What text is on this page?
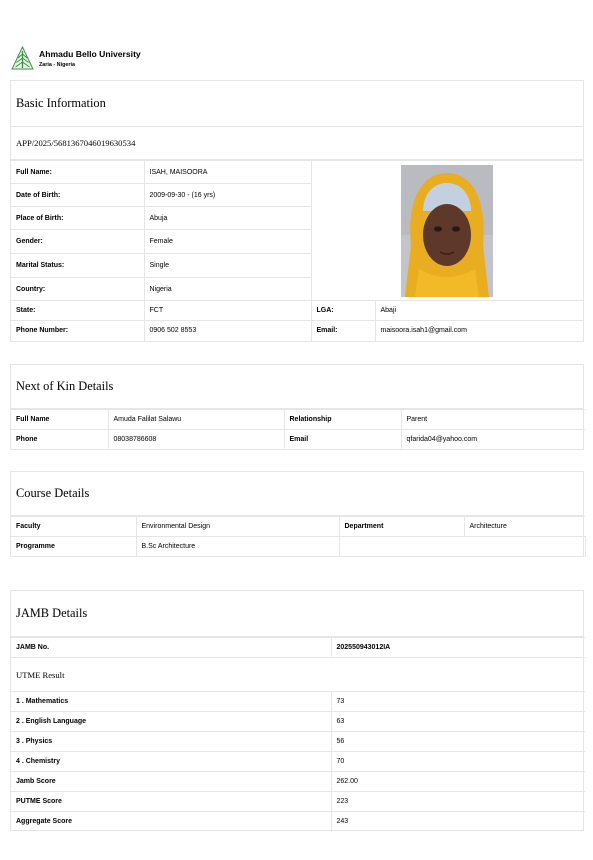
Ahmadu Bello University
Zaria - Nigeria
Basic Information
APP/2025/5681367046019630534
Full Name:	ISAH, MAISOORA	
Date of Birth:	2009-09-30 - (16 yrs)		
Place of Birth:	Abuja		
Gender:	Female		
Marital Status:	Single		
Country:	Nigeria		
State:	FCT	LGA:	Abaji
Phone Number:	0906 502 8553	Email:	maisoora.isah1@gmail.com
Next of Kin Details
Full Name	Amuda Falilat Salawu	Relationship	Parent
Phone	08038786608	Email	qfarida04@yahoo.com
Course Details
Faculty	Environmental Design	Department	Architecture
Programme	B.Sc Architecture		
JAMB Details
JAMB No.	202550943012IA
UTME Result	
1 . Mathematics	73
2 . English Language	63
3 . Physics	56
4 . Chemistry	70
Jamb Score	262.00
PUTME Score	223
Aggregate Score	243
